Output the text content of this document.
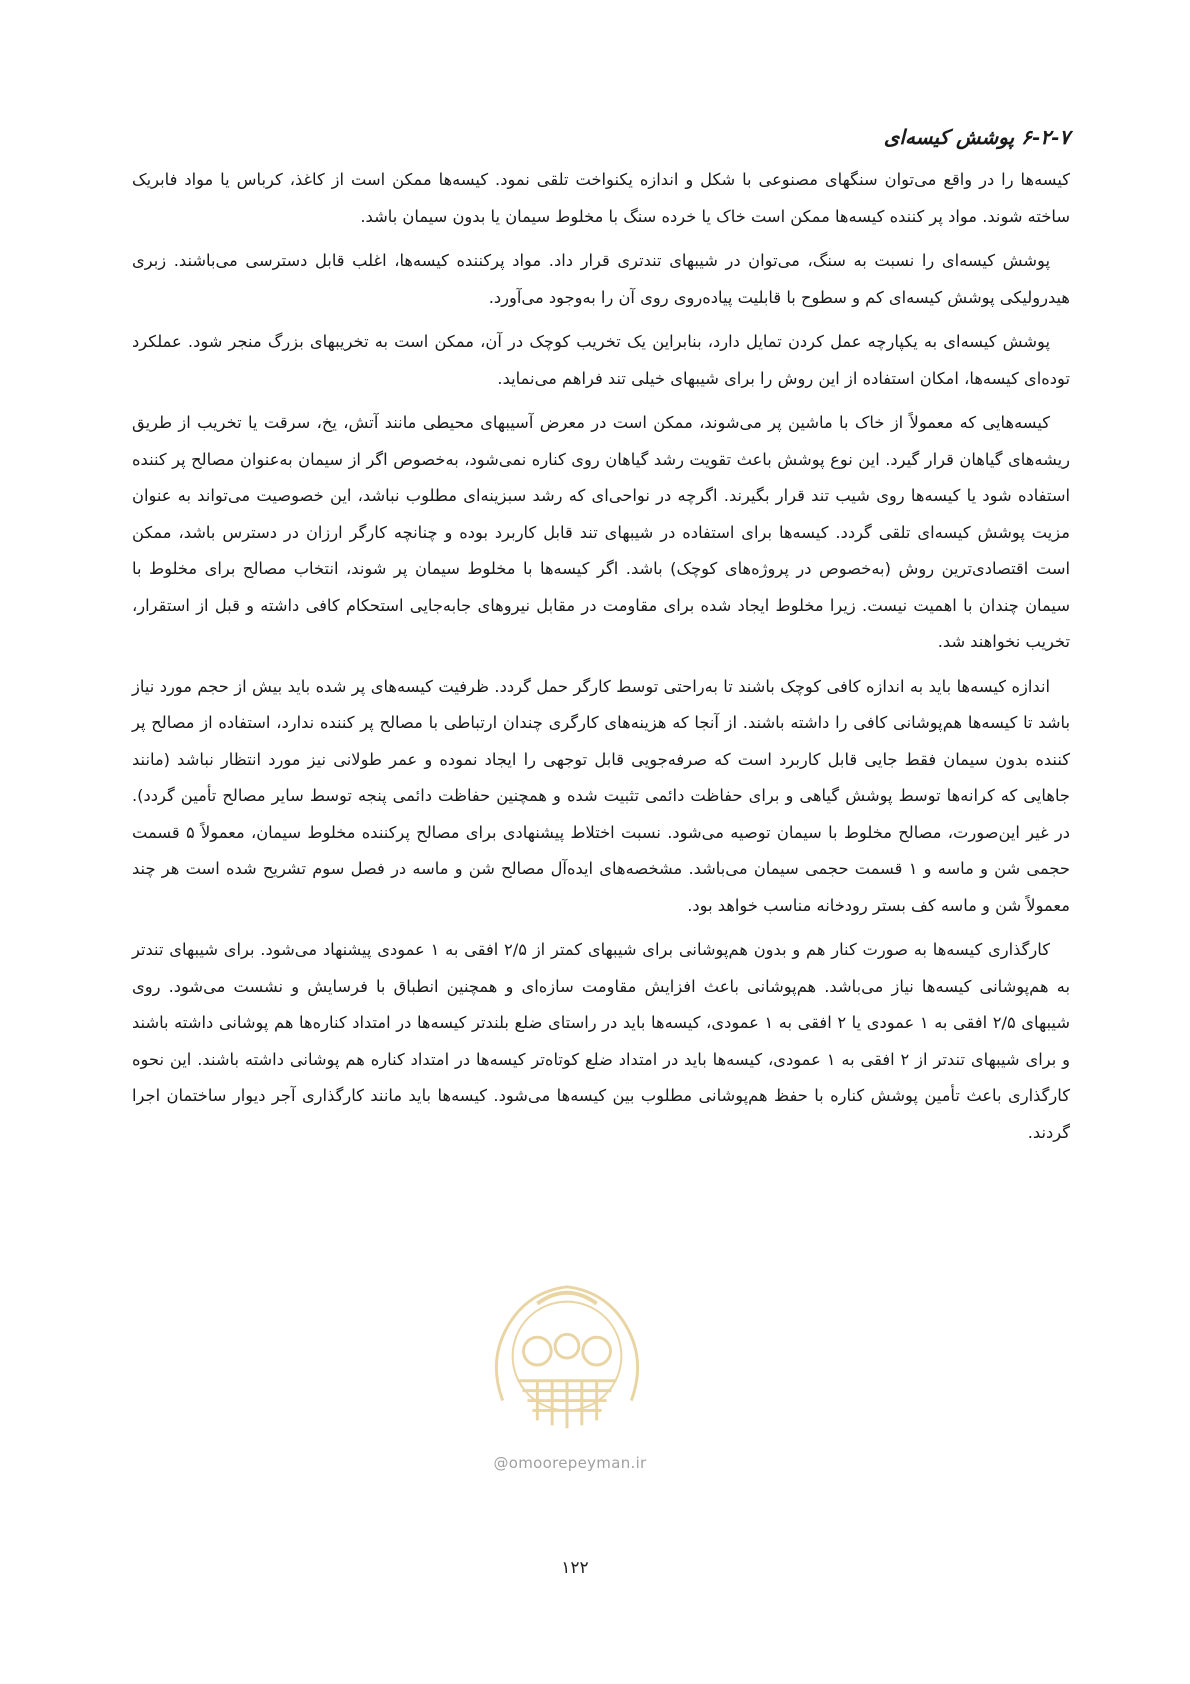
۶-۲-۷ پوشش کیسه‌ای

کیسه‌ها را در واقع می‌توان سنگهای مصنوعی با شکل و اندازه یکنواخت تلقی نمود. کیسه‌ها ممکن است از کاغذ، کرباس یا مواد فابریک ساخته شوند. مواد پر کننده کیسه‌ها ممکن است خاک یا خرده سنگ با مخلوط سیمان یا بدون سیمان باشد.

پوشش کیسه‌ای را نسبت به سنگ، می‌توان در شیبهای تندتری قرار داد. مواد پرکننده کیسه‌ها، اغلب قابل دسترسی می‌باشند. زبری هیدرولیکی پوشش کیسه‌ای کم و سطوح با قابلیت پیاده‌روی روی آن را به‌وجود می‌آورد.

پوشش کیسه‌ای به یکپارچه عمل کردن تمایل دارد، بنابراین یک تخریب کوچک در آن، ممکن است به تخریبهای بزرگ منجر شود. عملکرد توده‌ای کیسه‌ها، امکان استفاده از این روش را برای شیبهای خیلی تند فراهم می‌نماید.

کیسه‌هایی که معمولاً از خاک با ماشین پر می‌شوند، ممکن است در معرض آسیبهای محیطی مانند آتش، یخ، سرقت یا تخریب از طریق ریشه‌های گیاهان قرار گیرد. این نوع پوشش باعث تقویت رشد گیاهان روی کناره نمی‌شود، به‌خصوص اگر از سیمان به‌عنوان مصالح پر کننده استفاده شود یا کیسه‌ها روی شیب تند قرار بگیرند. اگرچه در نواحی‌ای که رشد سبزینه‌ای مطلوب نباشد، این خصوصیت می‌تواند به عنوان مزیت پوشش کیسه‌ای تلقی گردد. کیسه‌ها برای استفاده در شیبهای تند قابل کاربرد بوده و چنانچه کارگر ارزان در دسترس باشد، ممکن است اقتصادی‌ترین روش (به‌خصوص در پروژه‌های کوچک) باشد. اگر کیسه‌ها با مخلوط سیمان پر شوند، انتخاب مصالح برای مخلوط با سیمان چندان با اهمیت نیست. زیرا مخلوط ایجاد شده برای مقاومت در مقابل نیروهای جابه‌جایی استحکام کافی داشته و قبل از استقرار، تخریب نخواهند شد.

اندازه کیسه‌ها باید به اندازه کافی کوچک باشند تا به‌راحتی توسط کارگر حمل گردد. ظرفیت کیسه‌های پر شده باید بیش از حجم مورد نیاز باشد تا کیسه‌ها هم‌پوشانی کافی را داشته باشند. از آنجا که هزینه‌های کارگری چندان ارتباطی با مصالح پر کننده ندارد، استفاده از مصالح پر کننده بدون سیمان فقط جایی قابل کاربرد است که صرفه‌جویی قابل توجهی را ایجاد نموده و عمر طولانی نیز مورد انتظار نباشد (مانند جاهایی که کرانه‌ها توسط پوشش گیاهی و برای حفاظت دائمی تثبیت شده و همچنین حفاظت دائمی پنجه توسط سایر مصالح تأمین گردد). در غیر این‌صورت، مصالح مخلوط با سیمان توصیه می‌شود. نسبت اختلاط پیشنهادی برای مصالح پرکننده مخلوط سیمان، معمولاً ۵ قسمت حجمی شن و ماسه و ۱ قسمت حجمی سیمان می‌باشد. مشخصه‌های ایده‌آل مصالح شن و ماسه در فصل سوم تشریح شده است هر چند معمولاً شن و ماسه کف بستر رودخانه مناسب خواهد بود.

کارگذاری کیسه‌ها به صورت کنار هم و بدون هم‌پوشانی برای شیبهای کمتر از ۲/۵ افقی به ۱ عمودی پیشنهاد می‌شود. برای شیبهای تندتر به هم‌پوشانی کیسه‌ها نیاز می‌باشد. هم‌پوشانی باعث افزایش مقاومت سازه‌ای و همچنین انطباق با فرسایش و نشست می‌شود. روی شیبهای ۲/۵ افقی به ۱ عمودی یا ۲ افقی به ۱ عمودی، کیسه‌ها باید در راستای ضلع بلندتر کیسه‌ها در امتداد کناره‌ها هم پوشانی داشته باشند و برای شیبهای تندتر از ۲ افقی به ۱ عمودی، کیسه‌ها باید در امتداد ضلع کوتاه‌تر کیسه‌ها در امتداد کناره هم پوشانی داشته باشند. این نحوه کارگذاری باعث تأمین پوشش کناره با حفظ هم‌پوشانی مطلوب بین کیسه‌ها می‌شود. کیسه‌ها باید مانند کارگذاری آجر دیوار ساختمان اجرا گردند.

@omoorepeyman.ir
۱۲۲
